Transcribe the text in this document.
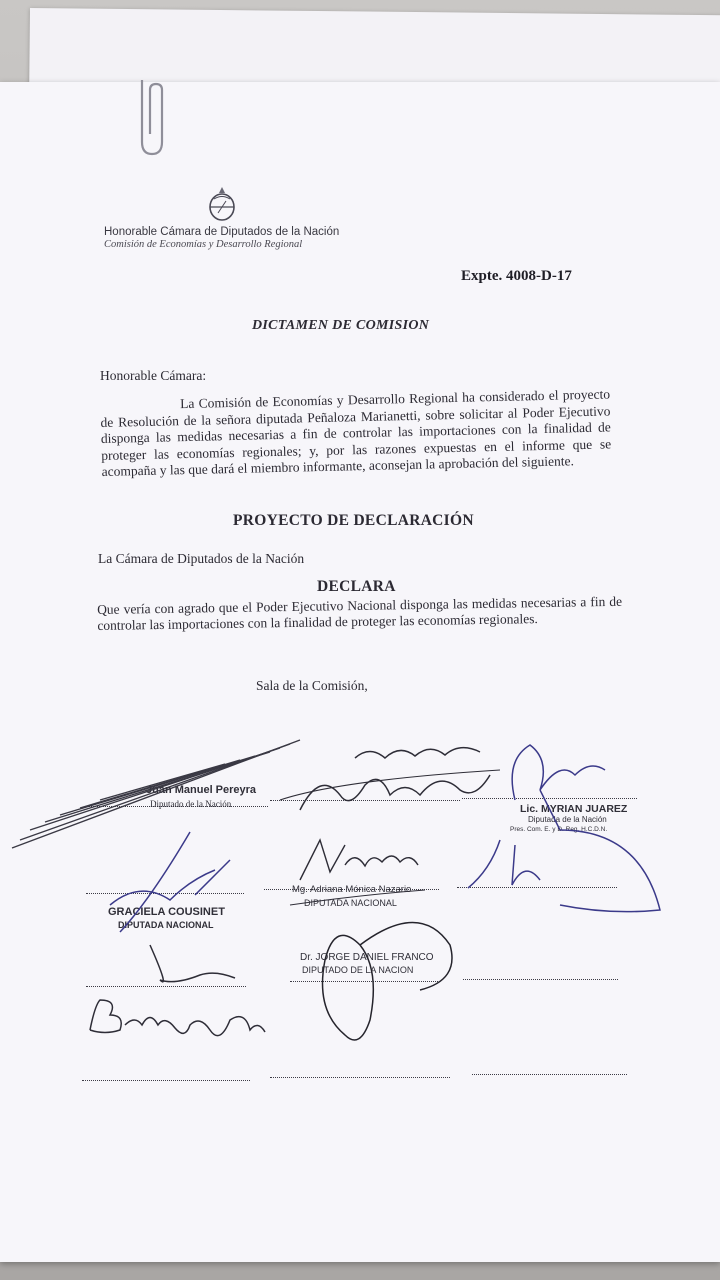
Honorable Cámara de Diputados de la Nación
Comisión de Economías y Desarrollo Regional
Expte. 4008-D-17
DICTAMEN DE COMISION
Honorable Cámara:
La Comisión de Economías y Desarrollo Regional ha considerado el proyecto de Resolución de la señora diputada Peñaloza Marianetti, sobre solicitar al Poder Ejecutivo disponga las medidas necesarias a fin de controlar las importaciones con la finalidad de proteger las economías regionales; y, por las razones expuestas en el informe que se acompaña y las que dará el miembro informante, aconsejan la aprobación del siguiente.
PROYECTO DE DECLARACIÓN
La Cámara de Diputados de la Nación
DECLARA
Que vería con agrado que el Poder Ejecutivo Nacional disponga las medidas necesarias a fin de controlar las importaciones con la finalidad de proteger las economías regionales.
Sala de la Comisión,
Juan Manuel Pereyra
Diputado de la Nación	Lic. MYRIAN JUAREZ
Diputada de la Nación
Pres. Com. E. y D. Reg. H.C.D.N.
GRACIELA COUSINET
DIPUTADA NACIONAL
Mg. Adriana Mónica Nazario
DIPUTADA NACIONAL
Dr. JORGE DANIEL FRANCO
DIPUTADO DE LA NACION
